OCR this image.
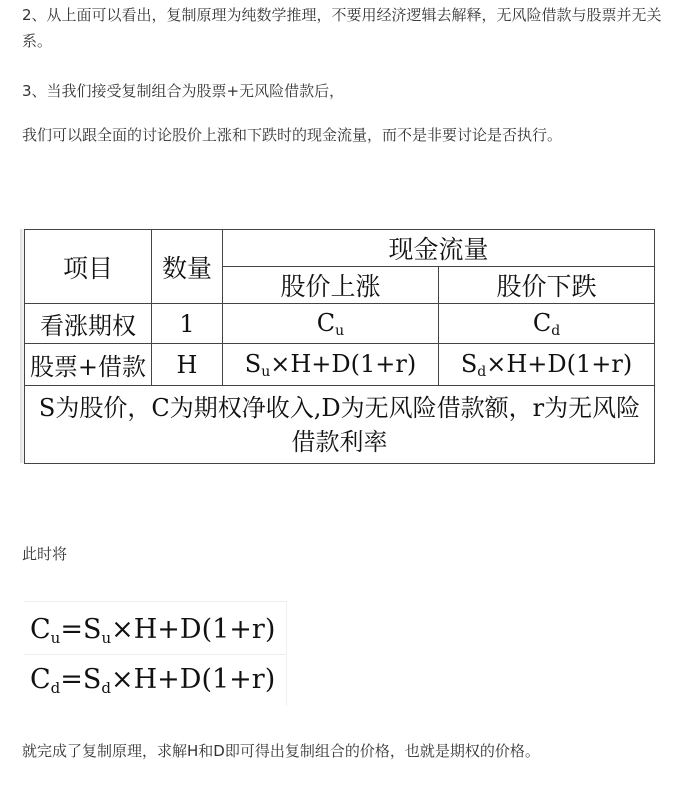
2、从上面可以看出，复制原理为纯数学推理，不要用经济逻辑去解释，无风险借款与股票并无关系。

3、当我们接受复制组合为股票+无风险借款后，

我们可以跟全面的讨论股价上涨和下跌时的现金流量，而不是非要讨论是否执行。

项目	数量	现金流量	
		股价上涨	股价下跌
看涨期权	1	$C_u$	$C_d$
股票+借款	H	$S_u\times H+D(1+r)$	$S_d\times H+D(1+r)$
S为股价，C为期权净收入,D为无风险借款额，r为无风险借款利率			

此时将

$C_u=S_u\times H+D(1+r)$
$C_d=S_d\times H+D(1+r)$

就完成了复制原理，求解H和D即可得出复制组合的价格，也就是期权的价格。
